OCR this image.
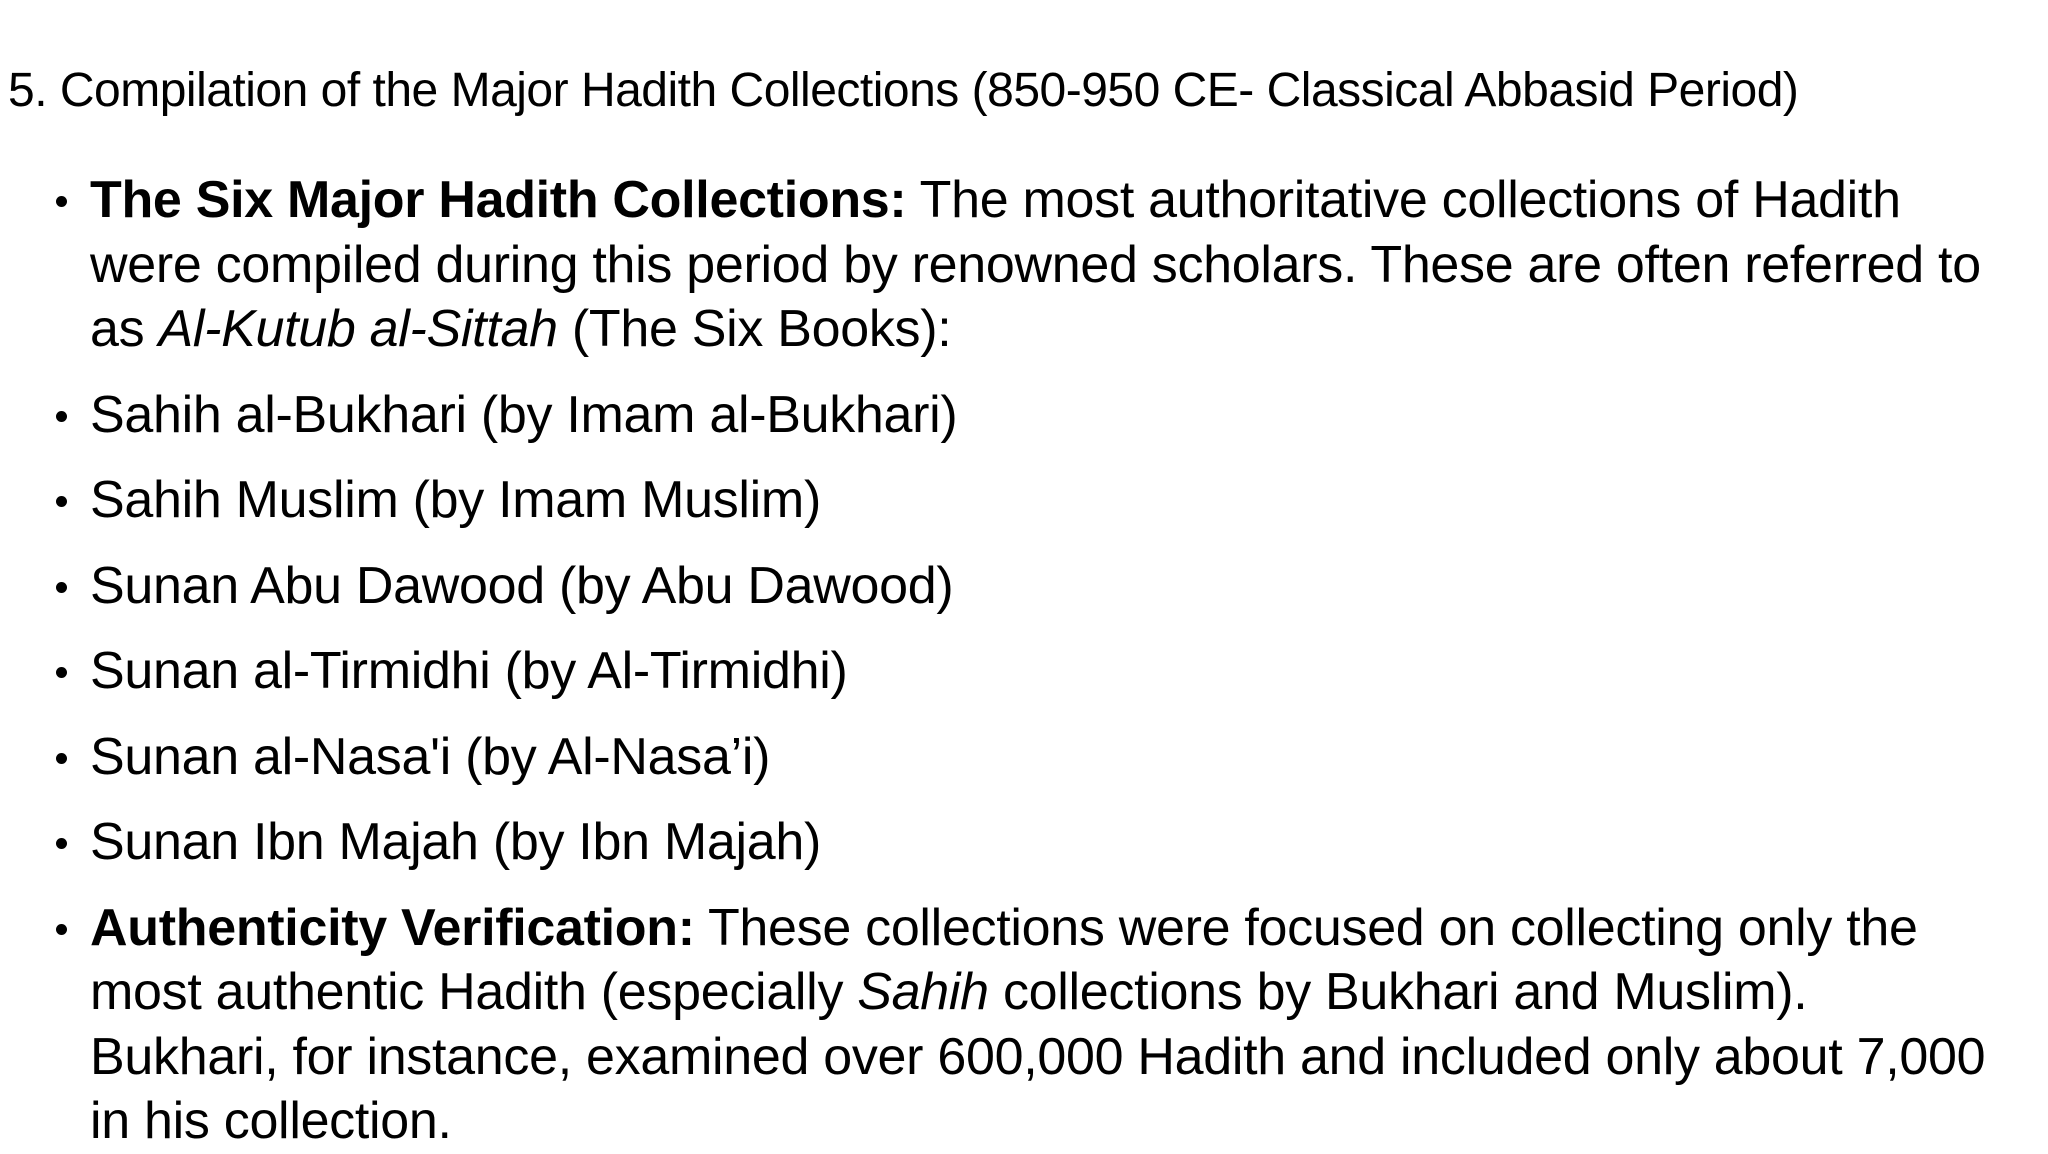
5. Compilation of the Major Hadith Collections (850-950 CE- Classical Abbasid Period)
The Six Major Hadith Collections: The most authoritative collections of Hadith were compiled during this period by renowned scholars. These are often referred to as Al-Kutub al-Sittah (The Six Books):
Sahih al-Bukhari (by Imam al-Bukhari)
Sahih Muslim (by Imam Muslim)
Sunan Abu Dawood (by Abu Dawood)
Sunan al-Tirmidhi (by Al-Tirmidhi)
Sunan al-Nasa'i (by Al-Nasa’i)
Sunan Ibn Majah (by Ibn Majah)
Authenticity Verification: These collections were focused on collecting only the most authentic Hadith (especially Sahih collections by Bukhari and Muslim). Bukhari, for instance, examined over 600,000 Hadith and included only about 7,000 in his collection.
